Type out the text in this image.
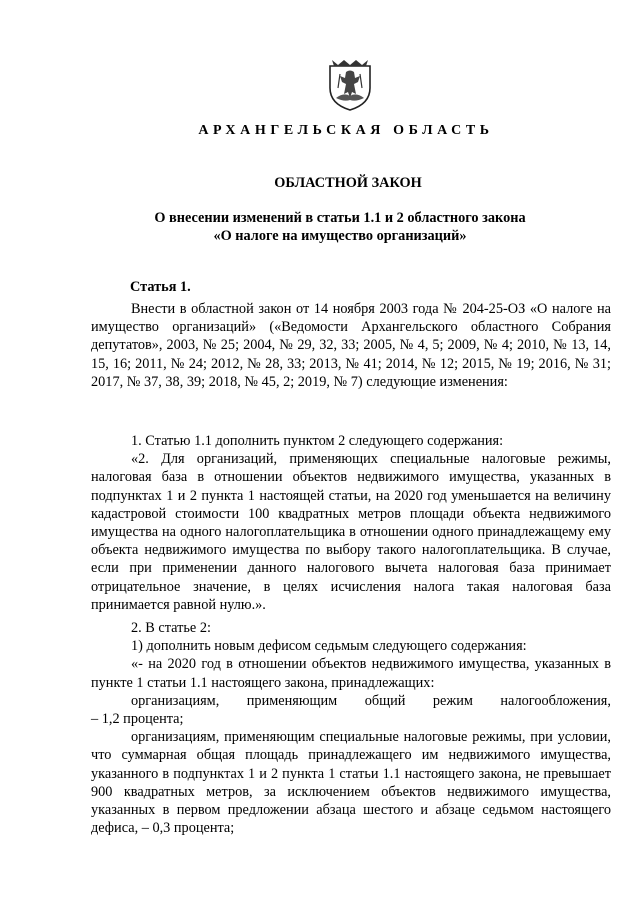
АРХАНГЕЛЬСКАЯ ОБЛАСТЬ
ОБЛАСТНОЙ ЗАКОН
О внесении изменений в статьи 1.1 и 2 областного закона
«О налоге на имущество организаций»
Статья 1.

Внести в областной закон от 14 ноября 2003 года № 204-25-ОЗ «О налоге на имущество организаций» («Ведомости Архангельского областного Собрания депутатов», 2003, № 25; 2004, № 29, 32, 33; 2005, № 4, 5; 2009, № 4; 2010, № 13, 14, 15, 16; 2011, № 24; 2012, № 28, 33; 2013, № 41; 2014, № 12; 2015, № 19; 2016, № 31; 2017, № 37, 38, 39; 2018, № 45, 2; 2019, № 7) следующие изменения:

1. Статью 1.1 дополнить пунктом 2 следующего содержания:

«2. Для организаций, применяющих специальные налоговые режимы, налоговая база в отношении объектов недвижимого имущества, указанных в подпунктах 1 и 2 пункта 1 настоящей статьи, на 2020 год уменьшается на величину кадастровой стоимости 100 квадратных метров площади объекта недвижимого имущества на одного налогоплательщика в отношении одного принадлежащему ему объекта недвижимого имущества по выбору такого налогоплательщика. В случае, если при применении данного налогового вычета налоговая база принимает отрицательное значение, в целях исчисления налога такая налоговая база принимается равной нулю.».

2. В статье 2:

1) дополнить новым дефисом седьмым следующего содержания:

«- на 2020 год в отношении объектов недвижимого имущества, указанных в пункте 1 статьи 1.1 настоящего закона, принадлежащих:

организациям, применяющим общий режим налогообложения,

– 1,2 процента;

организациям, применяющим специальные налоговые режимы, при условии, что суммарная общая площадь принадлежащего им недвижимого имущества, указанного в подпунктах 1 и 2 пункта 1 статьи 1.1 настоящего закона, не превышает 900 квадратных метров, за исключением объектов недвижимого имущества, указанных в первом предложении абзаца шестого и абзаце седьмом настоящего дефиса, – 0,3 процента;
